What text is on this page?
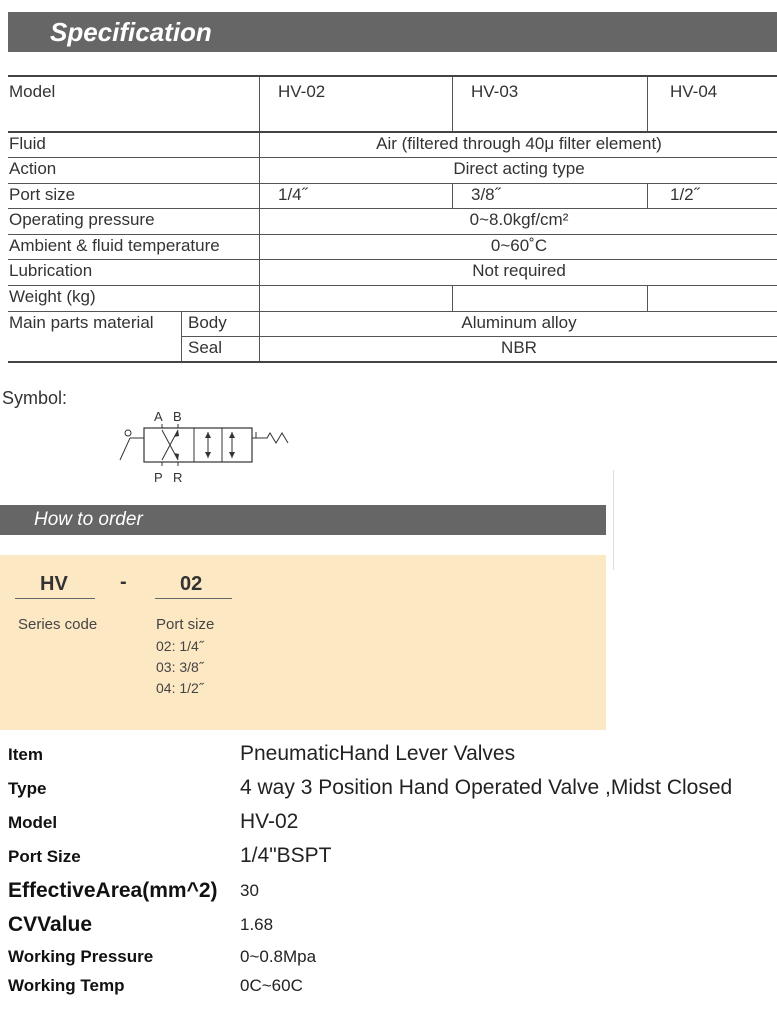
Specification
Model		HV-02	HV-03	HV-04
Fluid		Air (filtered through 40μ filter element)		
Action		Direct acting type		
Port size		1/4˝	3/8˝	1/2˝
Operating pressure		0~8.0kgf/cm²		
Ambient & fluid temperature		0~60˚C		
Lubrication		Not required		
Weight (kg)				
Main parts material	Body	Aluminum alloy		
	Seal	NBR		
Symbol:
A B
P R
How to order
HV	-	02
Series code	Port size
02: 1/4˝
03: 3/8˝
04: 1/2˝
Item	PneumaticHand Lever Valves
Type	4 way 3 Position Hand Operated Valve ,Midst Closed
Model	HV-02
Port Size	1/4"BSPT
EffectiveArea(mm^2) 30
CVValue	1.68
Working Pressure	0~0.8Mpa
Working Temp	0C~60C
